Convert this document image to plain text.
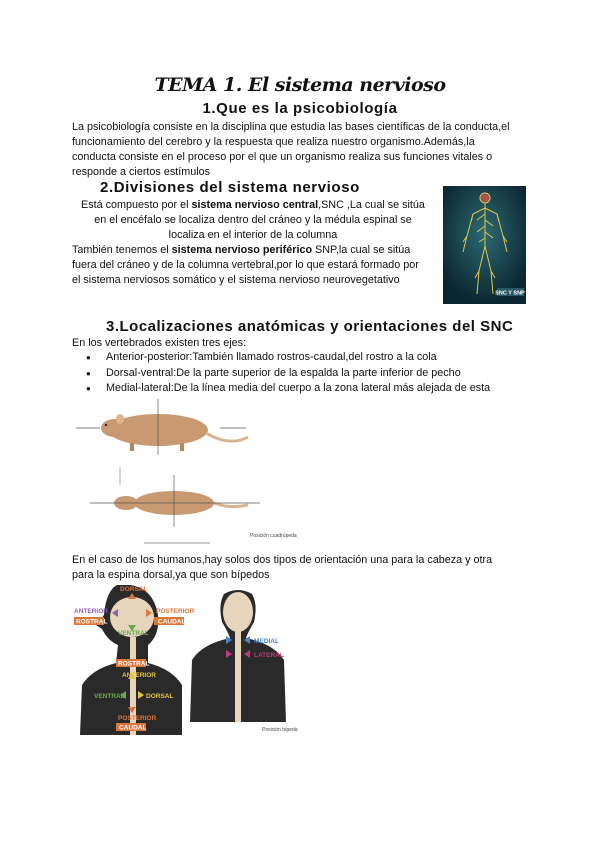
TEMA 1. El sistema nervioso
1.Que es la psicobiología
La psicobiología consiste en la disciplina que estudia las bases científicas de la conducta,el
funcionamiento del cerebro y la respuesta que realiza nuestro organismo.Además,la
conducta consiste en el proceso por el que un organismo realiza sus funciones vitales o
responde a ciertos estímulos
2.Divisiones del sistema nervioso
Está compuesto por el sistema nervioso central,SNC ,La cual se sitúa
en el encéfalo se localiza dentro del cráneo y la médula espinal se
localiza en el interior de la columna
También tenemos el sistema nervioso periférico SNP,la cual se sitúa
fuera del cráneo y de la columna vertebral,por lo que estará formado por
el sistema nerviosos somático y el sistema nervioso neurovegetativo
SNC Y SNP
3.Localizaciones anatómicas y orientaciones del SNC
En los vertebrados existen tres ejes:
● Anterior-posterior:También llamado rostros-caudal,del rostro a la cola
● Dorsal-ventral:De la parte superior de la espalda la parte inferior de pecho
● Medial-lateral:De la línea media del cuerpo a la zona lateral más alejada de esta
Posición cuadrúpeda
En el caso de los humanos,hay solos dos tipos de orientación una para la cabeza y otra
para la espina dorsal,ya que son bípedos
DORSAL
ANTERIOR	POSTERIOR
ROSTRAL	CAUDAL
VENTRAL
ROSTRAL
ANTERIOR
VENTRAL	DORSAL
POSTERIOR
CAUDAL
MEDIAL
LATERAL
Posición bípeda
